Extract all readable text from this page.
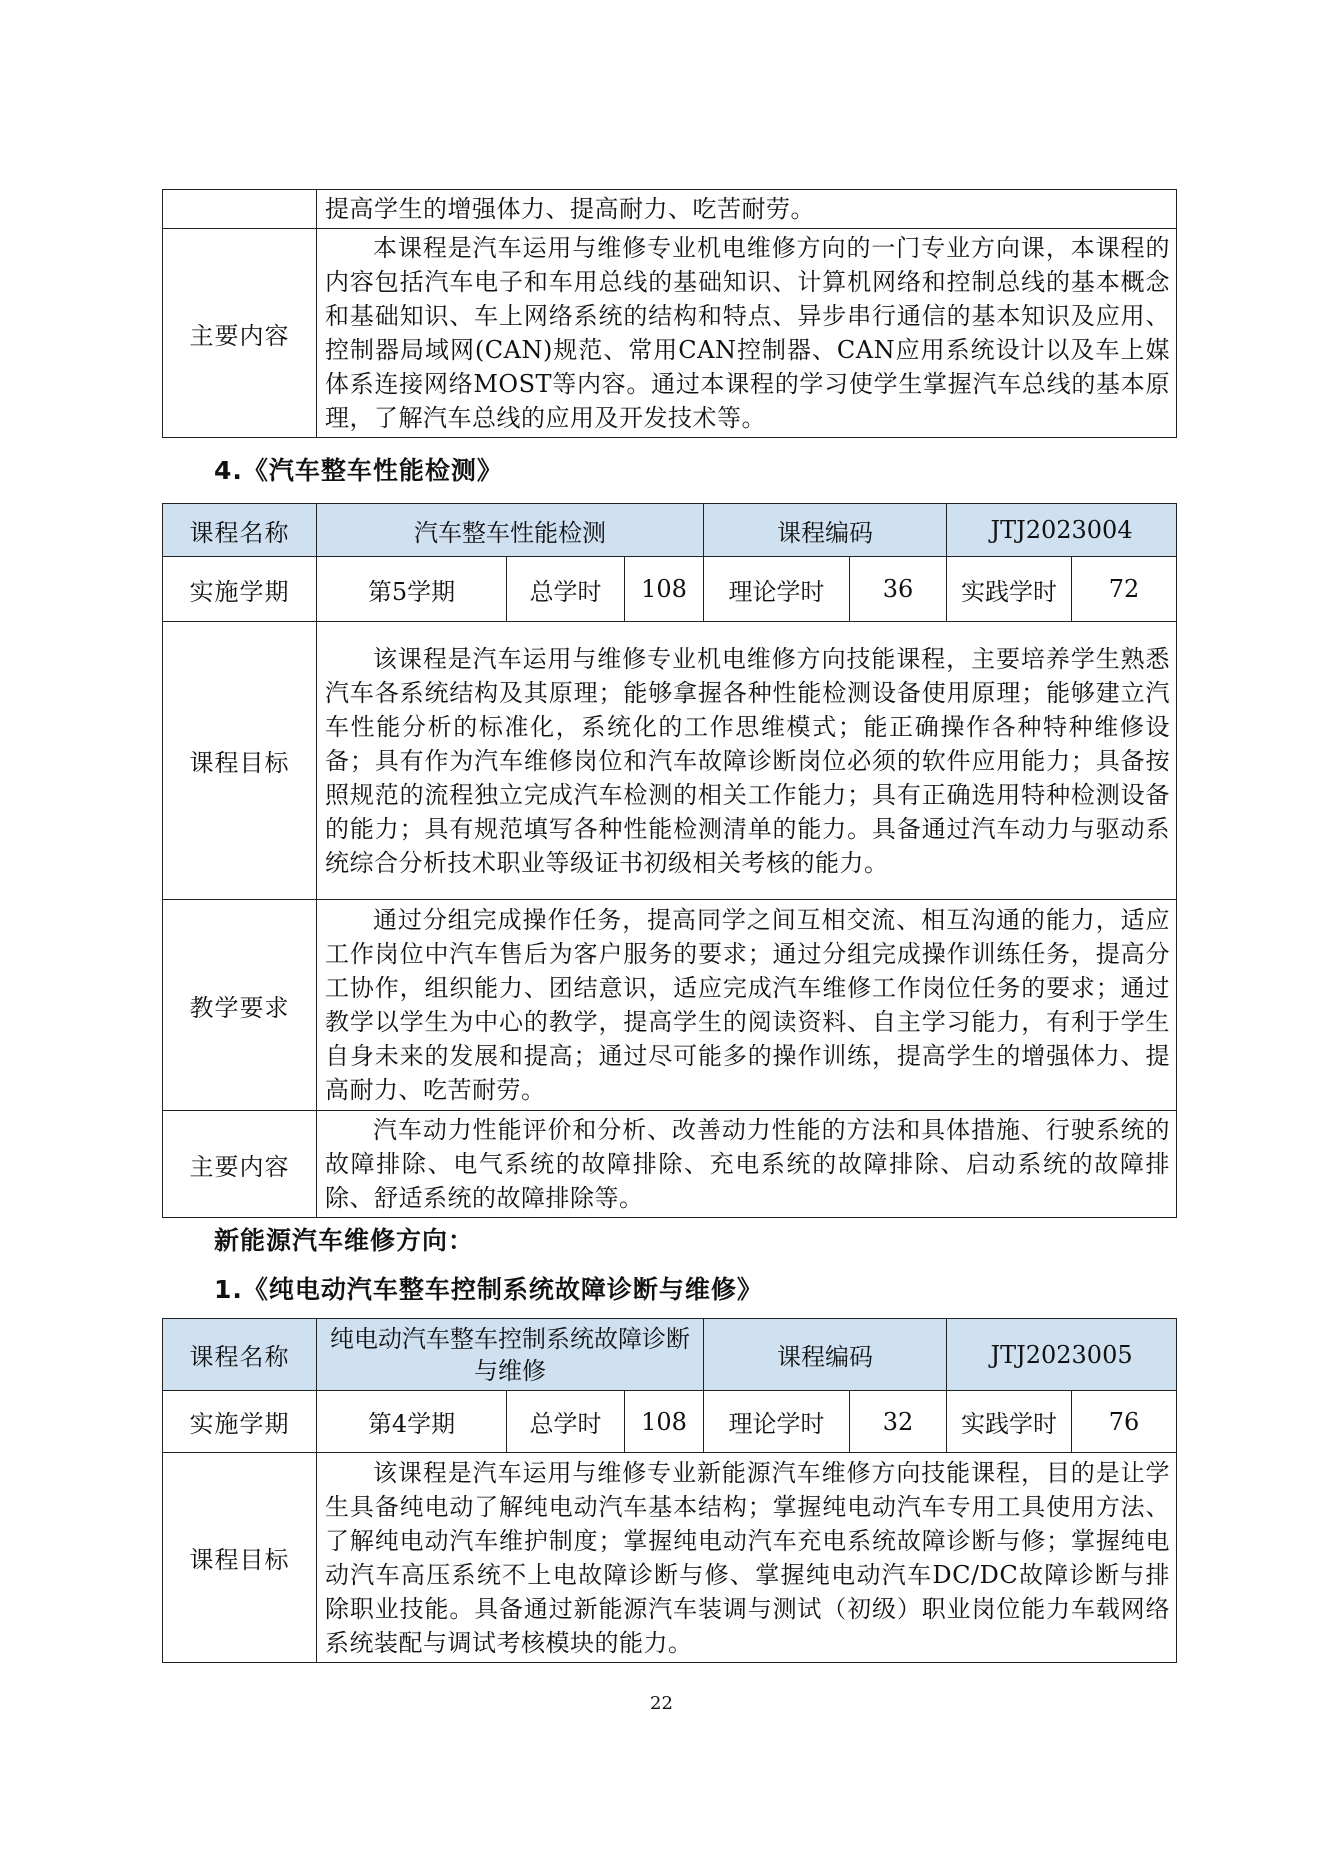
	提高学生的增强体力、提高耐力、吃苦耐劳。
主要内容	本课程是汽车运用与维修专业机电维修方向的一门专业方向课，本课程的内容包括汽车电子和车用总线的基础知识、计算机网络和控制总线的基本概念和基础知识、车上网络系统的结构和特点、异步串行通信的基本知识及应用、控制器局域网(CAN)规范、常用CAN控制器、CAN应用系统设计以及车上媒体系连接网络MOST等内容。通过本课程的学习使学生掌握汽车总线的基本原理，了解汽车总线的应用及开发技术等。
4.《汽车整车性能检测》
课程名称	汽车整车性能检测			课程编码		JTJ2023004	
实施学期	第5学期	总学时	108	理论学时	36	实践学时	72
课程目标	该课程是汽车运用与维修专业机电维修方向技能课程，主要培养学生熟悉汽车各系统结构及其原理；能够拿握各种性能检测设备使用原理；能够建立汽车性能分析的标准化，系统化的工作思维模式；能正确操作各种特种维修设备；具有作为汽车维修岗位和汽车故障诊断岗位必须的软件应用能力；具备按照规范的流程独立完成汽车检测的相关工作能力；具有正确选用特种检测设备的能力；具有规范填写各种性能检测清单的能力。具备通过汽车动力与驱动系统综合分析技术职业等级证书初级相关考核的能力。						
教学要求	通过分组完成操作任务，提高同学之间互相交流、相互沟通的能力，适应工作岗位中汽车售后为客户服务的要求；通过分组完成操作训练任务，提高分工协作，组织能力、团结意识，适应完成汽车维修工作岗位任务的要求；通过教学以学生为中心的教学，提高学生的阅读资料、自主学习能力，有利于学生自身未来的发展和提高；通过尽可能多的操作训练，提高学生的增强体力、提高耐力、吃苦耐劳。						
主要内容	汽车动力性能评价和分析、改善动力性能的方法和具体措施、行驶系统的故障排除、电气系统的故障排除、充电系统的故障排除、启动系统的故障排除、舒适系统的故障排除等。						
新能源汽车维修方向：
1.《纯电动汽车整车控制系统故障诊断与维修》
课程名称	纯电动汽车整车控制系统故障诊断与维修			课程编码		JTJ2023005	
实施学期	第4学期	总学时	108	理论学时	32	实践学时	76
课程目标	该课程是汽车运用与维修专业新能源汽车维修方向技能课程，目的是让学生具备纯电动了解纯电动汽车基本结构；掌握纯电动汽车专用工具使用方法、了解纯电动汽车维护制度；掌握纯电动汽车充电系统故障诊断与修；掌握纯电动汽车高压系统不上电故障诊断与修、掌握纯电动汽车DC/DC故障诊断与排除职业技能。具备通过新能源汽车装调与测试（初级）职业岗位能力车载网络系统装配与调试考核模块的能力。						
22
